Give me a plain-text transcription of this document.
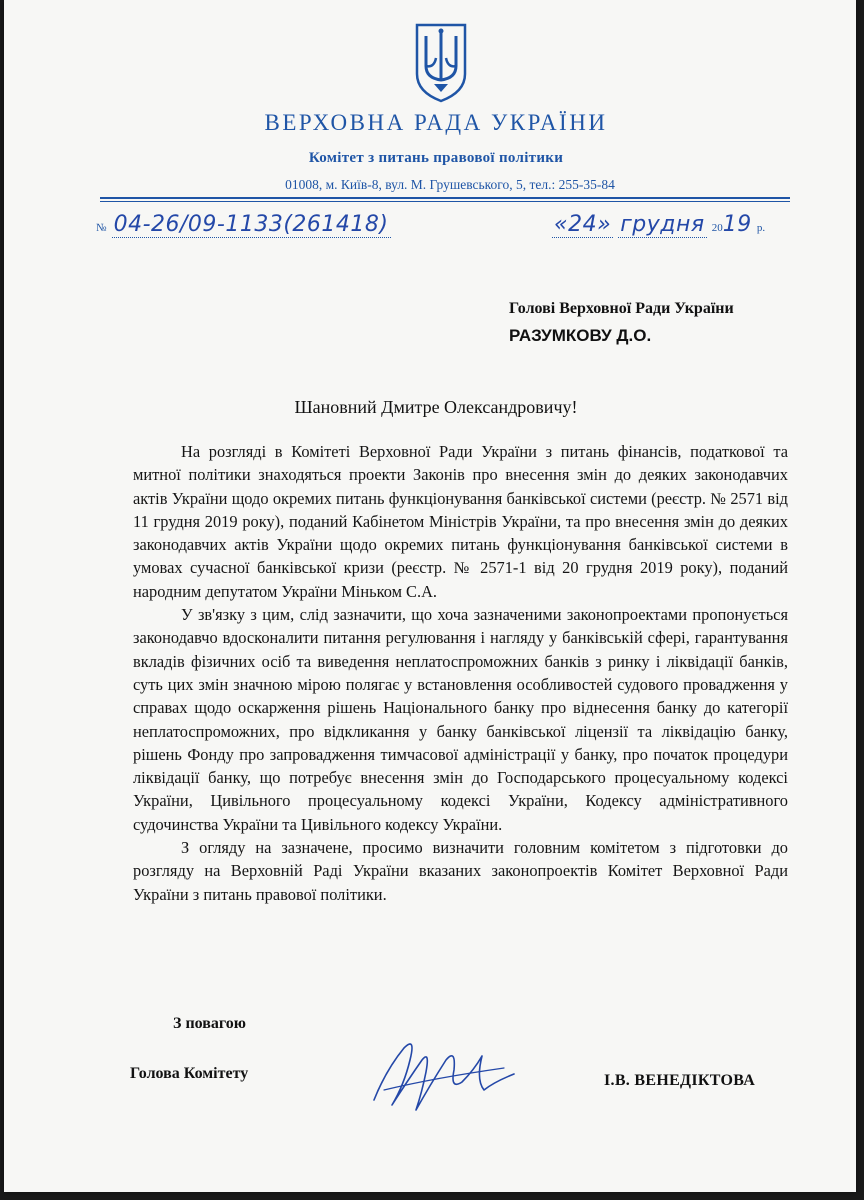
ВЕРХОВНА РАДА УКРАЇНИ
Комітет з питань правової політики
01008, м. Київ-8, вул. М. Грушевського, 5, тел.: 255-35-84
№ 04-26/09-1133(261418)	«24» грудня 2019 р.
Голові Верховної Ради України
РАЗУМКОВУ Д.О.
Шановний Дмитре Олександровичу!

На розгляді в Комітеті Верховної Ради України з питань фінансів, податкової та митної політики знаходяться проекти Законів про внесення змін до деяких законодавчих актів України щодо окремих питань функціонування банківської системи (реєстр. № 2571 від 11 грудня 2019 року), поданий Кабінетом Міністрів України, та про внесення змін до деяких законодавчих актів України щодо окремих питань функціонування банківської системи в умовах сучасної банківської кризи (реєстр. № 2571-1 від 20 грудня 2019 року), поданий народним депутатом України Міньком С.А.

У зв'язку з цим, слід зазначити, що хоча зазначеними законопроектами пропонується законодавчо вдосконалити питання регулювання і нагляду у банківській сфері, гарантування вкладів фізичних осіб та виведення неплатоспроможних банків з ринку і ліквідації банків, суть цих змін значною мірою полягає у встановлення особливостей судового провадження у справах щодо оскарження рішень Національного банку про віднесення банку до категорії неплатоспроможних, про відкликання у банку банківської ліцензії та ліквідацію банку, рішень Фонду про запровадження тимчасової адміністрації у банку, про початок процедури ліквідації банку, що потребує внесення змін до Господарського процесуальному кодексі України, Цивільного процесуальному кодексі України, Кодексу адміністративного судочинства України та Цивільного кодексу України.

З огляду на зазначене, просимо визначити головним комітетом з підготовки до розгляду на Верховній Раді України вказаних законопроектів Комітет Верховної Ради України з питань правової політики.

З повагою
Голова Комітету	І.В. ВЕНЕДІКТОВА
